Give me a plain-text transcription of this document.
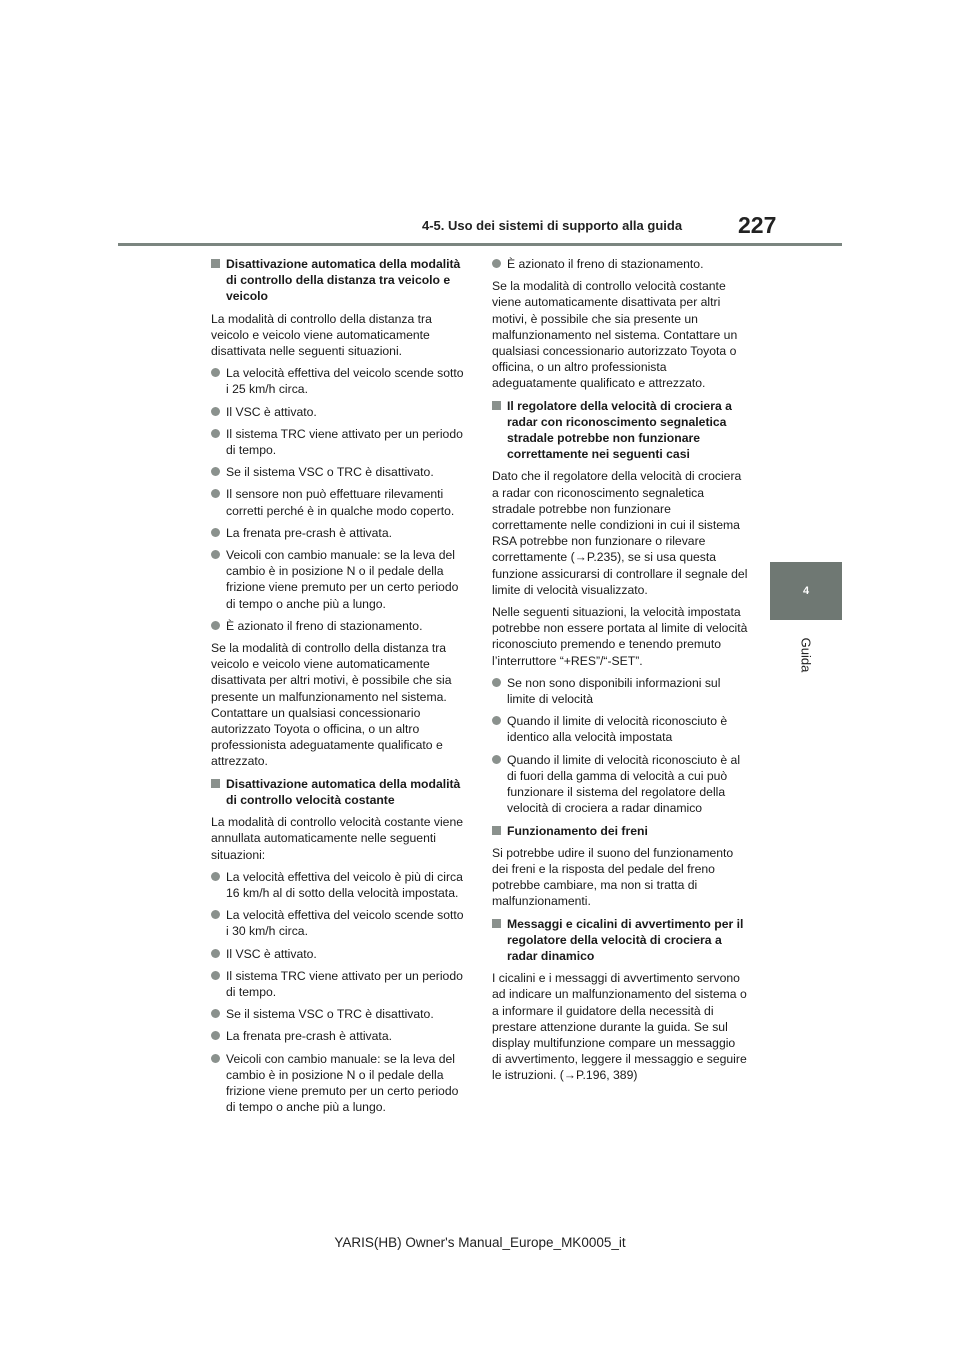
4-5. Uso dei sistemi di supporto alla guida 227
4
Guida
Disattivazione automatica della modalità di controllo della distanza tra veicolo e veicolo
La modalità di controllo della distanza tra veicolo e veicolo viene automaticamente disattivata nelle seguenti situazioni.
La velocità effettiva del veicolo scende sotto i 25 km/h circa.
Il VSC è attivato.
Il sistema TRC viene attivato per un periodo di tempo.
Se il sistema VSC o TRC è disattivato.
Il sensore non può effettuare rilevamenti corretti perché è in qualche modo coperto.
La frenata pre-crash è attivata.
Veicoli con cambio manuale: se la leva del cambio è in posizione N o il pedale della frizione viene premuto per un certo periodo di tempo o anche più a lungo.
È azionato il freno di stazionamento.
Se la modalità di controllo della distanza tra veicolo e veicolo viene automaticamente disattivata per altri motivi, è possibile che sia presente un malfunzionamento nel sistema. Contattare un qualsiasi concessionario autorizzato Toyota o officina, o un altro professionista adeguatamente qualificato e attrezzato.
Disattivazione automatica della modalità di controllo velocità costante
La modalità di controllo velocità costante viene annullata automaticamente nelle seguenti situazioni:
La velocità effettiva del veicolo è più di circa 16 km/h al di sotto della velocità impostata.
La velocità effettiva del veicolo scende sotto i 30 km/h circa.
Il VSC è attivato.
Il sistema TRC viene attivato per un periodo di tempo.
Se il sistema VSC o TRC è disattivato.
La frenata pre-crash è attivata.
Veicoli con cambio manuale: se la leva del cambio è in posizione N o il pedale della frizione viene premuto per un certo periodo di tempo o anche più a lungo.
È azionato il freno di stazionamento.
Se la modalità di controllo velocità costante viene automaticamente disattivata per altri motivi, è possibile che sia presente un malfunzionamento nel sistema. Contattare un qualsiasi concessionario autorizzato Toyota o officina, o un altro professionista adeguatamente qualificato e attrezzato.
Il regolatore della velocità di crociera a radar con riconoscimento segnaletica stradale potrebbe non funzionare correttamente nei seguenti casi
Dato che il regolatore della velocità di crociera a radar con riconoscimento segnaletica stradale potrebbe non funzionare correttamente nelle condizioni in cui il sistema RSA potrebbe non funzionare o rilevare correttamente (→P.235), se si usa questa funzione assicurarsi di controllare il segnale del limite di velocità visualizzato.
Nelle seguenti situazioni, la velocità impostata potrebbe non essere portata al limite di velocità riconosciuto premendo e tenendo premuto l’interruttore “+RES”/“-SET”.
Se non sono disponibili informazioni sul limite di velocità
Quando il limite di velocità riconosciuto è identico alla velocità impostata
Quando il limite di velocità riconosciuto è al di fuori della gamma di velocità a cui può funzionare il sistema del regolatore della velocità di crociera a radar dinamico
Funzionamento dei freni
Si potrebbe udire il suono del funzionamento dei freni e la risposta del pedale del freno potrebbe cambiare, ma non si tratta di malfunzionamenti.
Messaggi e cicalini di avvertimento per il regolatore della velocità di crociera a radar dinamico
I cicalini e i messaggi di avvertimento servono ad indicare un malfunzionamento del sistema o a informare il guidatore della necessità di prestare attenzione durante la guida. Se sul display multifunzione compare un messaggio di avvertimento, leggere il messaggio e seguire le istruzioni. (→P.196, 389)
YARIS(HB) Owner's Manual_Europe_MK0005_it
